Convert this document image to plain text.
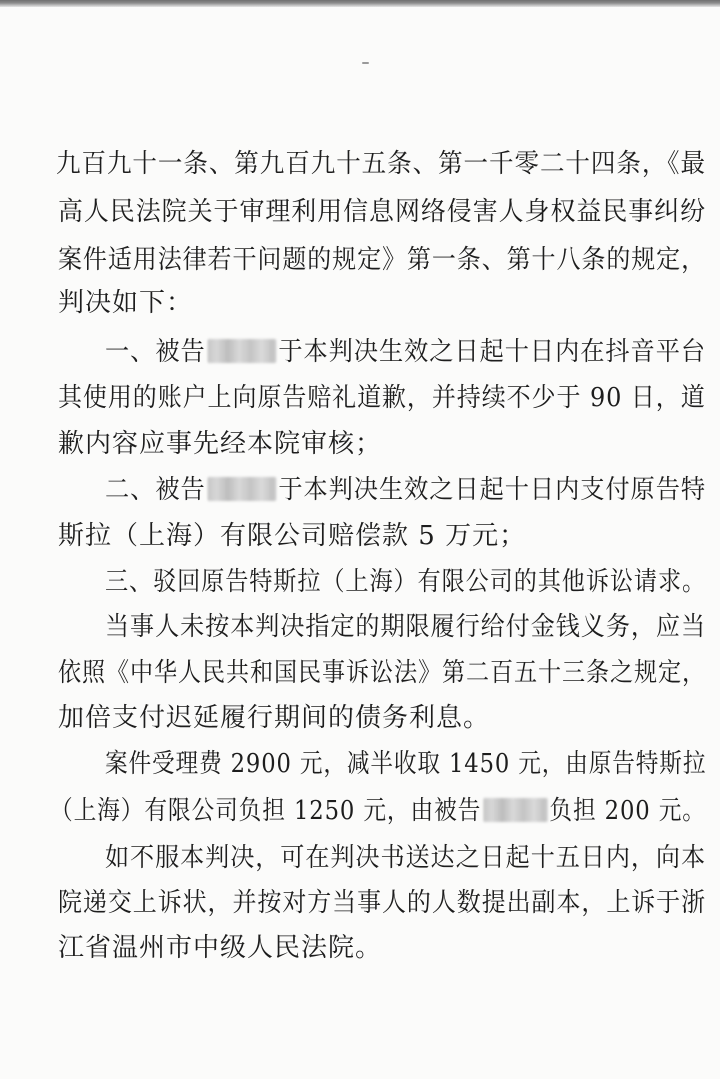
九百九十一条、第九百九十五条、第一千零二十四条，《最
高人民法院关于审理利用信息网络侵害人身权益民事纠纷
案件适用法律若干问题的规定》第一条、第十八条的规定，
判决如下：
一、被告	于本判决生效之日起十日内在抖音平台
其使用的账户上向原告赔礼道歉，并持续不少于 90 日，道
歉内容应事先经本院审核；
二、被告	于本判决生效之日起十日内支付原告特
斯拉（上海）有限公司赔偿款 5 万元；
三、驳回原告特斯拉（上海）有限公司的其他诉讼请求。
当事人未按本判决指定的期限履行给付金钱义务，应当
依照《中华人民共和国民事诉讼法》第二百五十三条之规定，
加倍支付迟延履行期间的债务利息。
案件受理费 2900 元，减半收取 1450 元，由原告特斯拉
（上海）有限公司负担 1250 元，由被告	负担 200 元。
如不服本判决，可在判决书送达之日起十五日内，向本
院递交上诉状，并按对方当事人的人数提出副本，上诉于浙
江省温州市中级人民法院。
